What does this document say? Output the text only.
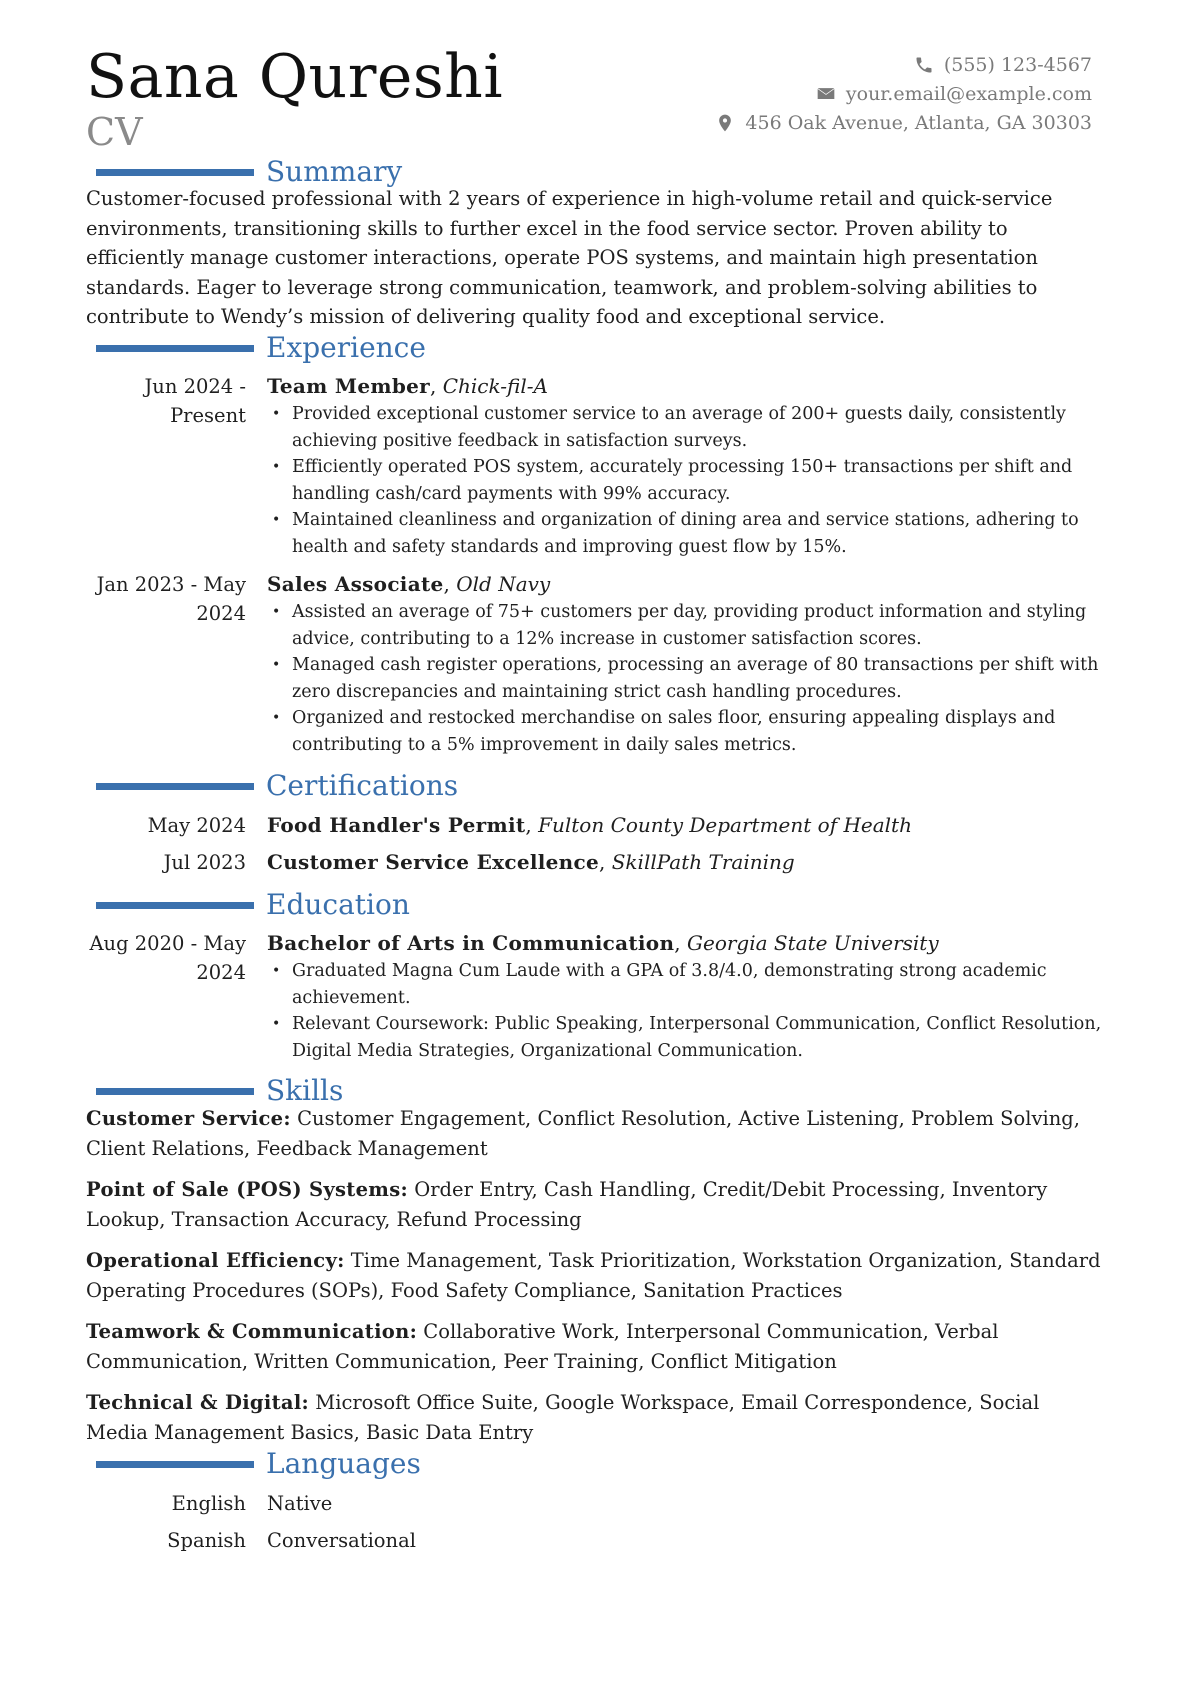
Sana Qureshi
CV
(555) 123-4567
your.email@example.com
456 Oak Avenue, Atlanta, GA 30303
Summary
Customer-focused professional with 2 years of experience in high-volume retail and quick-service environments, transitioning skills to further excel in the food service sector. Proven ability to efficiently manage customer interactions, operate POS systems, and maintain high presentation standards. Eager to leverage strong communication, teamwork, and problem-solving abilities to contribute to Wendy’s mission of delivering quality food and exceptional service.
Experience
Jun 2024 - Present
Team Member, Chick-fil-A
• Provided exceptional customer service to an average of 200+ guests daily, consistently achieving positive feedback in satisfaction surveys.
• Efficiently operated POS system, accurately processing 150+ transactions per shift and handling cash/card payments with 99% accuracy.
• Maintained cleanliness and organization of dining area and service stations, adhering to health and safety standards and improving guest flow by 15%.
Jan 2023 - May 2024
Sales Associate, Old Navy
• Assisted an average of 75+ customers per day, providing product information and styling advice, contributing to a 12% increase in customer satisfaction scores.
• Managed cash register operations, processing an average of 80 transactions per shift with zero discrepancies and maintaining strict cash handling procedures.
• Organized and restocked merchandise on sales floor, ensuring appealing displays and contributing to a 5% improvement in daily sales metrics.
Certifications
May 2024 Food Handler's Permit, Fulton County Department of Health
Jul 2023 Customer Service Excellence, SkillPath Training
Education
Aug 2020 - May 2024
Bachelor of Arts in Communication, Georgia State University
• Graduated Magna Cum Laude with a GPA of 3.8/4.0, demonstrating strong academic achievement.
• Relevant Coursework: Public Speaking, Interpersonal Communication, Conflict Resolution, Digital Media Strategies, Organizational Communication.
Skills
Customer Service: Customer Engagement, Conflict Resolution, Active Listening, Problem Solving, Client Relations, Feedback Management
Point of Sale (POS) Systems: Order Entry, Cash Handling, Credit/Debit Processing, Inventory Lookup, Transaction Accuracy, Refund Processing
Operational Efficiency: Time Management, Task Prioritization, Workstation Organization, Standard Operating Procedures (SOPs), Food Safety Compliance, Sanitation Practices
Teamwork & Communication: Collaborative Work, Interpersonal Communication, Verbal Communication, Written Communication, Peer Training, Conflict Mitigation
Technical & Digital: Microsoft Office Suite, Google Workspace, Email Correspondence, Social Media Management Basics, Basic Data Entry
Languages
English Native
Spanish Conversational
